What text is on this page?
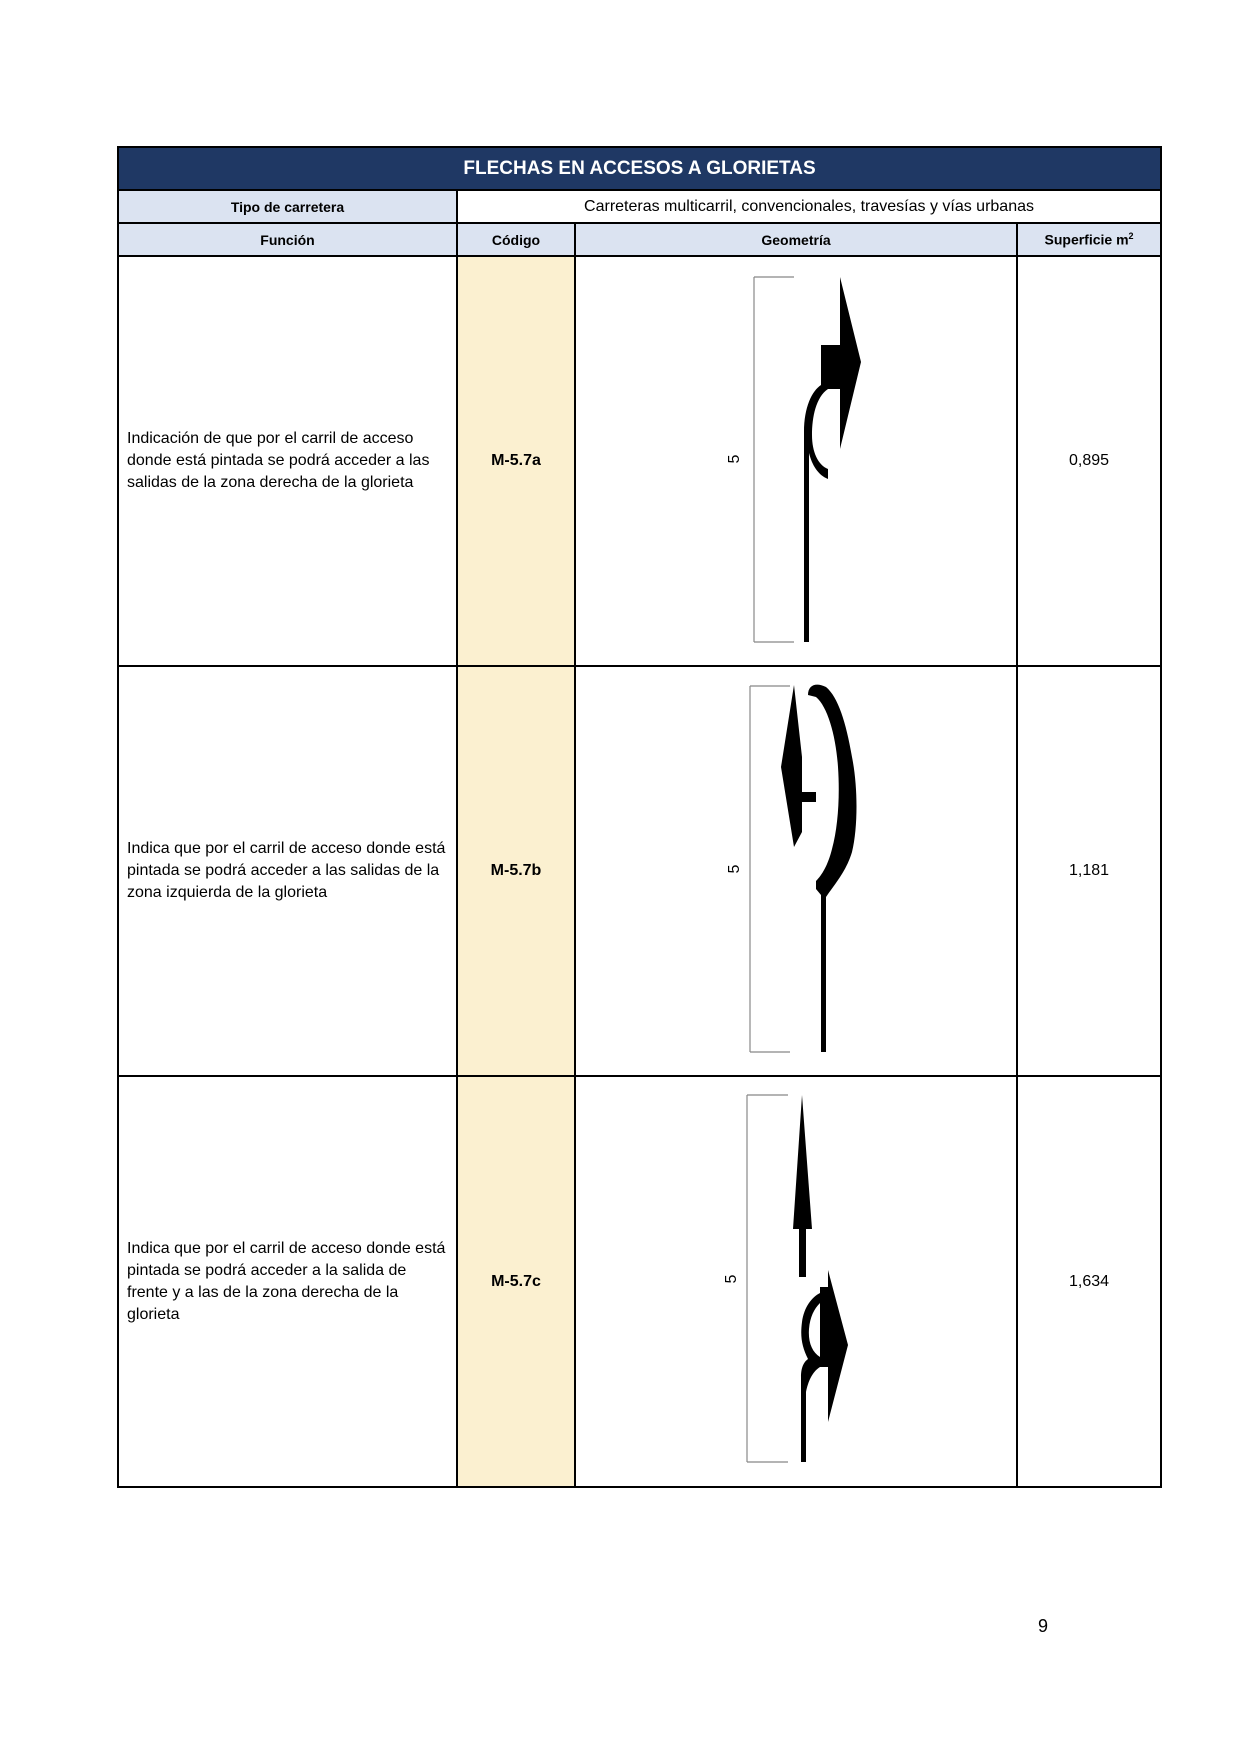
FLECHAS EN ACCESOS A GLORIETAS			
Tipo de carretera	Carreteras multicarril, convencionales, travesías y vías urbanas		
Función	Código	Geometría	Superficie $m^2$
Indicación de que por el carril de acceso donde está pintada se podrá acceder a las salidas de la zona derecha de la glorieta	M-5.7a	5	0,895
Indica que por el carril de acceso donde está pintada se podrá acceder a las salidas de la zona izquierda de la glorieta	M-5.7b	5	1,181
Indica que por el carril de acceso donde está pintada se podrá acceder a la salida de frente y a las de la zona derecha de la glorieta	M-5.7c	5	1,634
9
